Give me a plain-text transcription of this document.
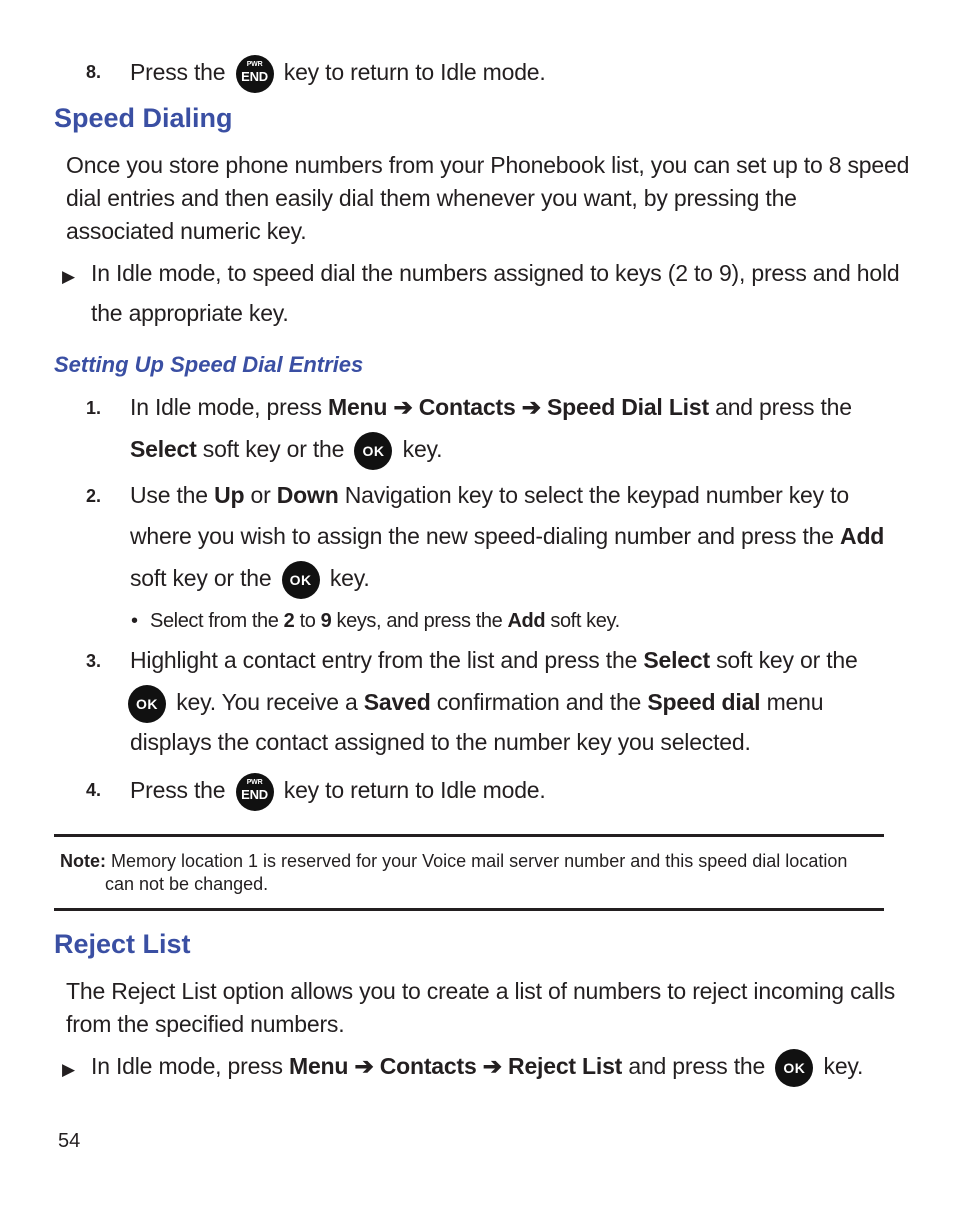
8. Press the	PWR
END key to return to Idle mode.
Speed Dialing
Once you store phone numbers from your Phonebook list, you can set up to 8 speed
dial entries and then easily dial them whenever you want, by pressing the
associated numeric key.
▶ In Idle mode, to speed dial the numbers assigned to keys (2 to 9), press and hold
the appropriate key.
Setting Up Speed Dial Entries
1. In Idle mode, press Menu ➔ Contacts ➔ Speed Dial List and press the
Select soft key or the OK key.
2. Use the Up or Down Navigation key to select the keypad number key to
where you wish to assign the new speed-dialing number and press the Add
soft key or the OK key.
• Select from the 2 to 9 keys, and press the Add soft key.
3. Highlight a contact entry from the list and press the Select soft key or the
OK key. You receive a Saved confirmation and the Speed dial menu
displays the contact assigned to the number key you selected.
4. Press the	PWR
END key to return to Idle mode.
Note: Memory location 1 is reserved for your Voice mail server number and this speed dial location
can not be changed.
Reject List
The Reject List option allows you to create a list of numbers to reject incoming calls
from the specified numbers.
▶ In Idle mode, press Menu ➔ Contacts ➔ Reject List and press the OK key.
54
